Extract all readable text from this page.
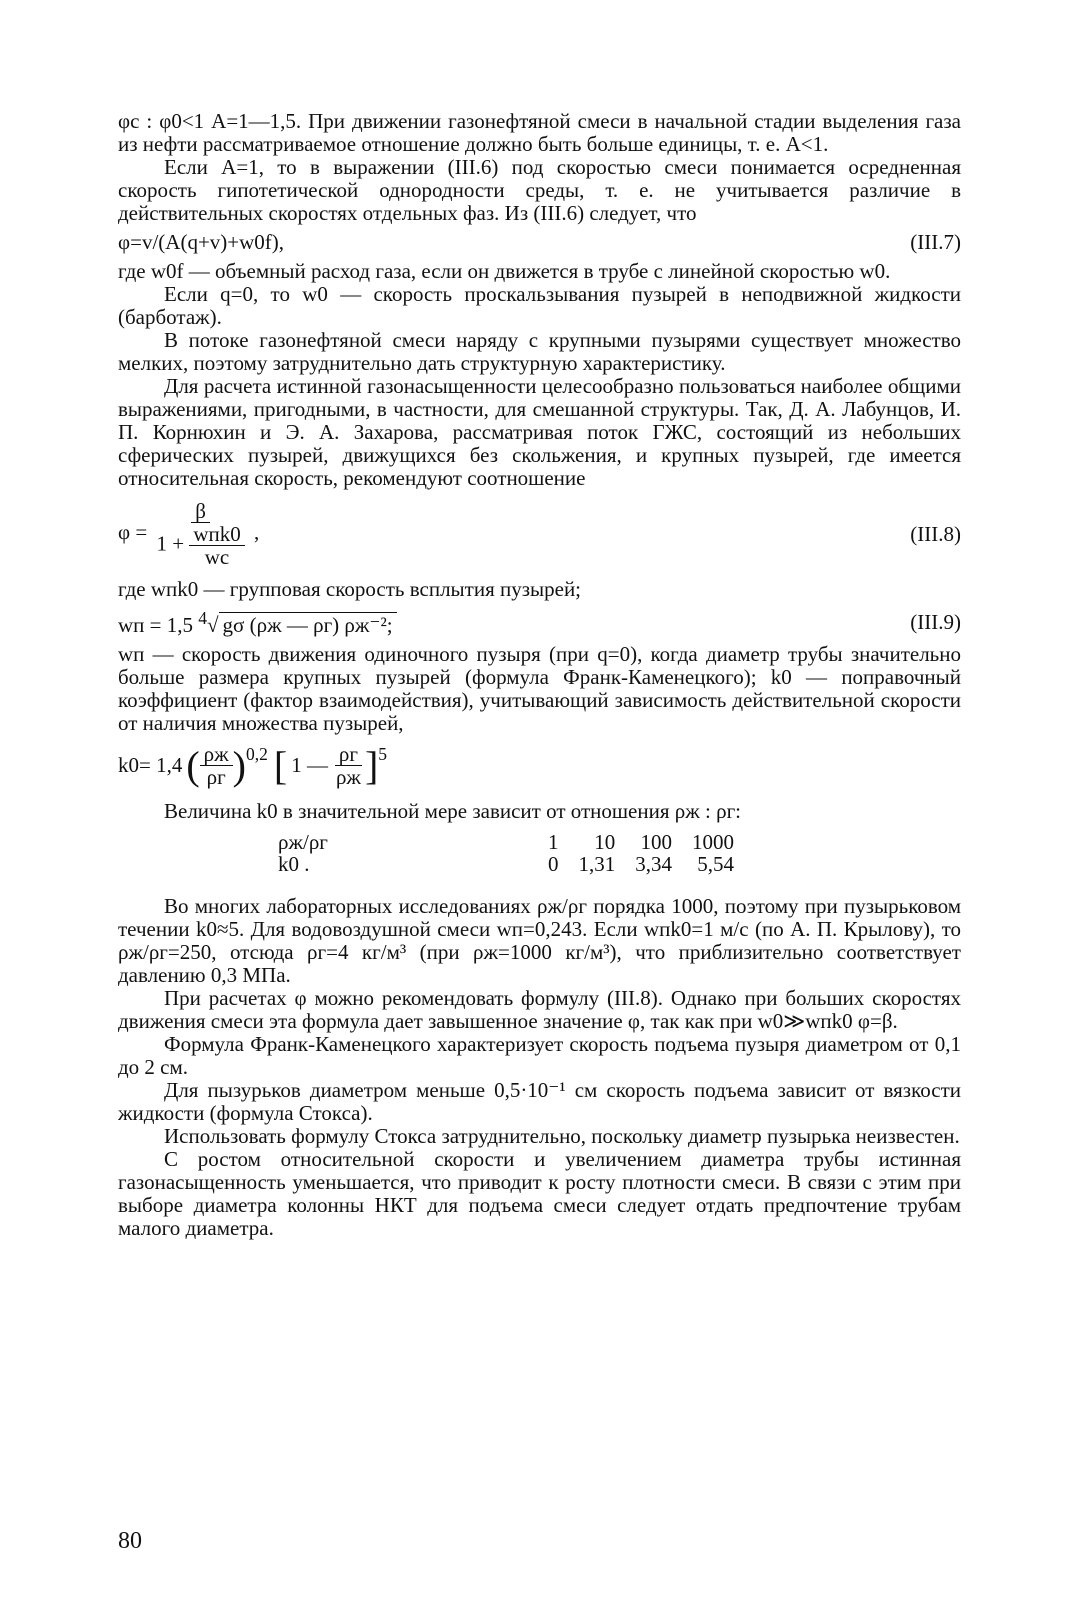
φc : φ0<1 A=1—1,5. При движении газонефтяной смеси в начальной стадии выделения газа из нефти рассматриваемое отношение должно быть больше единицы, т. е. A<1.

Если A=1, то в выражении (III.6) под скоростью смеси понимается осредненная скорость гипотетической однородности среды, т. е. не учитывается различие в действительных скоростях отдельных фаз. Из (III.6) следует, что

φ=v/(A(q+v)+w0f),	(III.7)

где w0f — объемный расход газа, если он движется в трубе с линейной скоростью w0.

Если q=0, то w0 — скорость проскальзывания пузырей в неподвижной жидкости (барботаж).

В потоке газонефтяной смеси наряду с крупными пузырями существует множество мелких, поэтому затруднительно дать структурную характеристику.

Для расчета истинной газонасыщенности целесообразно пользоваться наиболее общими выражениями, пригодными, в частности, для смешанной структуры. Так, Д. А. Лабунцов, И. П. Корнюхин и Э. А. Захарова, рассматривая поток ГЖС, состоящий из небольших сферических пузырей, движущихся без скольжения, и крупных пузырей, где имеется относительная скорость, рекомендуют соотношение

$\varphi = \frac{\beta}{1 + \frac{\text{wпk0}}{wс}}$ ,	(III.8)

где wпk0 — групповая скорость всплытия пузырей;

wп = 1,5 $^4$√ gσ (ρж — ρг) ρж⁻²;	(III.9)

wп — скорость движения одиночного пузыря (при q=0), когда диаметр трубы значительно больше размера крупных пузырей (формула Франк-Каменецкого); k0 — поправочный коэффициент (фактор взаимодействия), учитывающий зависимость действительной скорости от наличия множества пузырей,

k0= 1,4 ( $\frac{\rho ж}{\rho г} )^{0,2}$ [ 1 — $\frac{\rho г}{\rho ж} ]^5$

Величина k0 в значительной мере зависит от отношения ρж : ρг:

ρж/ρг	1	10	100	1000
k0 .	0	1,31	3,34	5,54

Во многих лабораторных исследованиях ρж/ρг порядка 1000, поэтому при пузырьковом течении k0≈5. Для водовоздушной смеси wп=0,243. Если wпk0=1 м/с (по А. П. Крылову), то ρж/ρг=250, отсюда ρг=4 кг/м³ (при ρж=1000 кг/м³), что приблизительно соответствует давлению 0,3 МПа.

При расчетах φ можно рекомендовать формулу (III.8). Однако при больших скоростях движения смеси эта формула дает завышенное значение φ, так как при w0≫wпk0 φ=β.

Формула Франк-Каменецкого характеризует скорость подъема пузыря диаметром от 0,1 до 2 см.

Для пызурьков диаметром меньше 0,5·10⁻¹ см скорость подъема зависит от вязкости жидкости (формула Стокса).

Использовать формулу Стокса затруднительно, поскольку диаметр пузырька неизвестен.

С ростом относительной скорости и увеличением диаметра трубы истинная газонасыщенность уменьшается, что приводит к росту плотности смеси. В связи с этим при выборе диаметра колонны НКТ для подъема смеси следует отдать предпочтение трубам малого диаметра.

80
